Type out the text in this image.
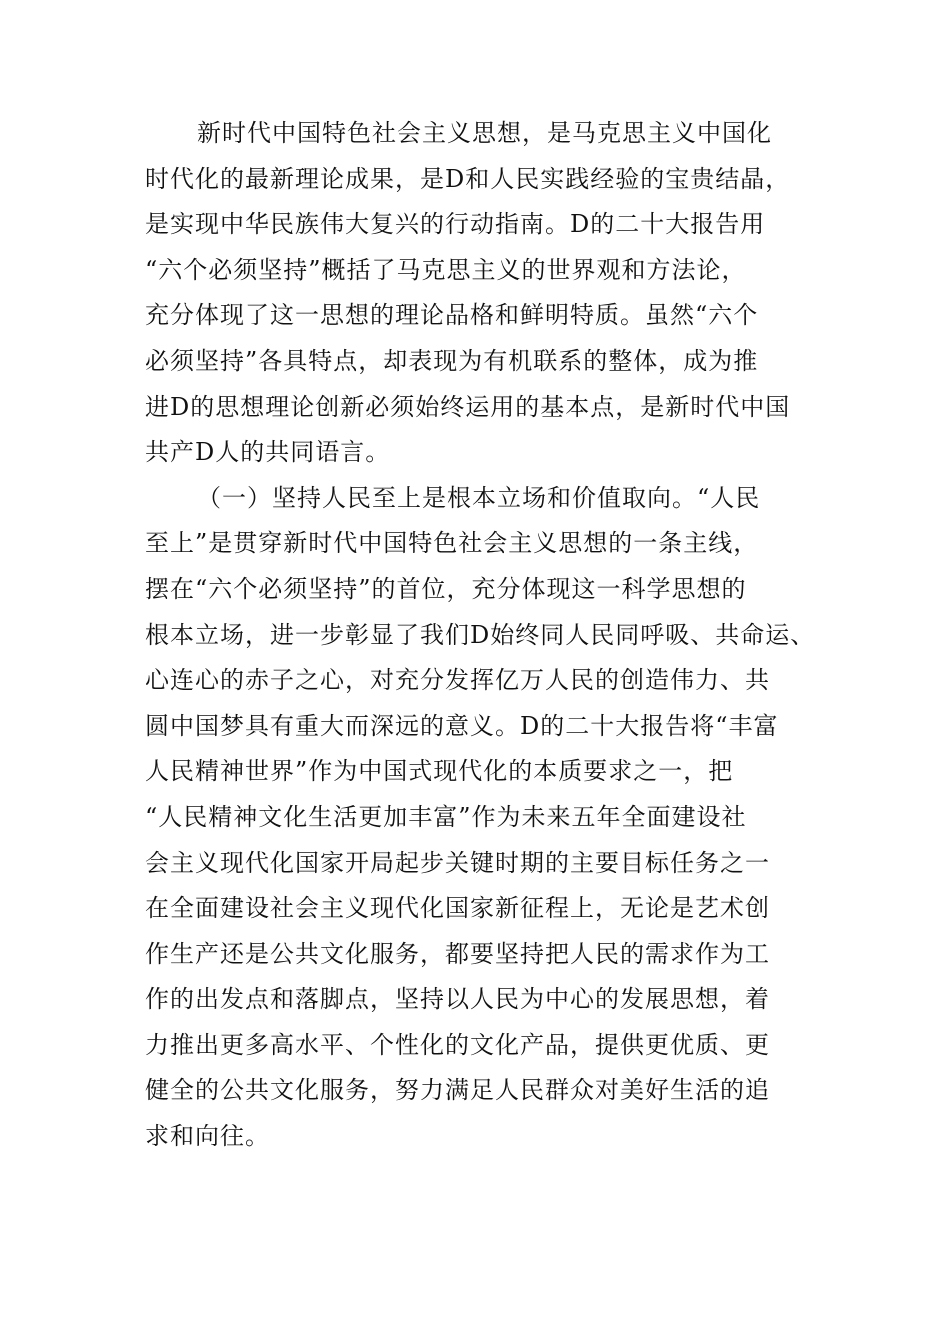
新时代中国特色社会主义思想，是马克思主义中国化

时代化的最新理论成果，是D和人民实践经验的宝贵结晶，

是实现中华民族伟大复兴的行动指南。D的二十大报告用

“六个必须坚持”概括了马克思主义的世界观和方法论，

充分体现了这一思想的理论品格和鲜明特质。虽然“六个

必须坚持”各具特点，却表现为有机联系的整体，成为推

进D的思想理论创新必须始终运用的基本点，是新时代中国

共产D人的共同语言。

（一）坚持人民至上是根本立场和价值取向。“人民

至上”是贯穿新时代中国特色社会主义思想的一条主线，

摆在“六个必须坚持”的首位，充分体现这一科学思想的

根本立场，进一步彰显了我们D始终同人民同呼吸、共命运、

心连心的赤子之心，对充分发挥亿万人民的创造伟力、共

圆中国梦具有重大而深远的意义。D的二十大报告将“丰富

人民精神世界”作为中国式现代化的本质要求之一，把

“人民精神文化生活更加丰富”作为未来五年全面建设社

会主义现代化国家开局起步关键时期的主要目标任务之一

在全面建设社会主义现代化国家新征程上，无论是艺术创

作生产还是公共文化服务，都要坚持把人民的需求作为工

作的出发点和落脚点，坚持以人民为中心的发展思想，着

力推出更多高水平、个性化的文化产品，提供更优质、更

健全的公共文化服务，努力满足人民群众对美好生活的追

求和向往。
